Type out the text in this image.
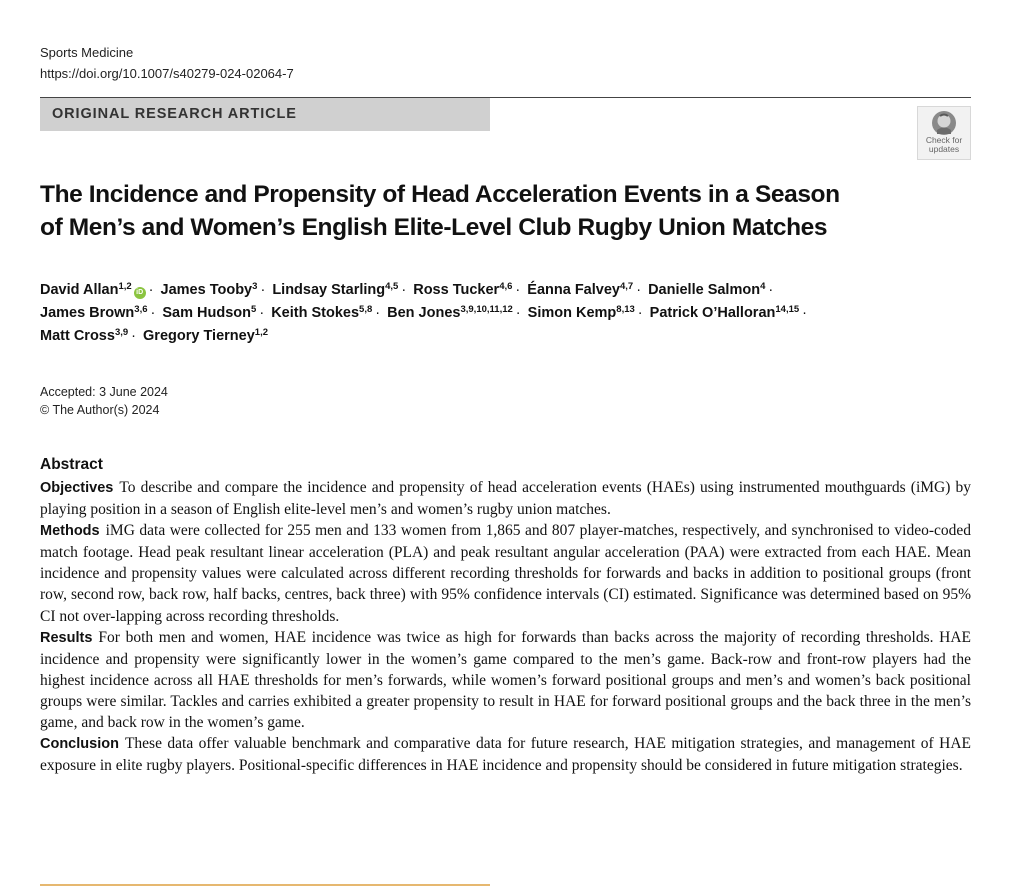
Sports Medicine
https://doi.org/10.1007/s40279-024-02064-7
ORIGINAL RESEARCH ARTICLE
Check for
updates
The Incidence and Propensity of Head Acceleration Events in a Season
of Men’s and Women’s English Elite-Level Club Rugby Union Matches
David Allan$^{1,2}$iD · James Tooby$^3$ · Lindsay Starling$^{4,5}$ · Ross Tucker$^{4,6}$ · Éanna Falvey$^{4,7}$ · Danielle Salmon$^4$ ·
James Brown$^{3,6}$ · Sam Hudson$^5$ · Keith Stokes$^{5,8}$ · Ben Jones$^{3,9,10,11,12}$ · Simon Kemp$^{8,13}$ · Patrick O’Halloran$^{14,15}$ ·
Matt Cross$^{3,9}$ · Gregory Tierney$^{1,2}$
Accepted: 3 June 2024
© The Author(s) 2024
Abstract

Objectives To describe and compare the incidence and propensity of head acceleration events (HAEs) using instrumented mouthguards (iMG) by playing position in a season of English elite-level men’s and women’s rugby union matches.

Methods iMG data were collected for 255 men and 133 women from 1,865 and 807 player-matches, respectively, and synchronised to video-coded match footage. Head peak resultant linear acceleration (PLA) and peak resultant angular acceleration (PAA) were extracted from each HAE. Mean incidence and propensity values were calculated across different recording thresholds for forwards and backs in addition to positional groups (front row, second row, back row, half backs, centres, back three) with 95% confidence intervals (CI) estimated. Significance was determined based on 95% CI not over-lapping across recording thresholds.

Results For both men and women, HAE incidence was twice as high for forwards than backs across the majority of recording thresholds. HAE incidence and propensity were significantly lower in the women’s game compared to the men’s game. Back-row and front-row players had the highest incidence across all HAE thresholds for men’s forwards, while women’s forward positional groups and men’s and women’s back positional groups were similar. Tackles and carries exhibited a greater propensity to result in HAE for forward positional groups and the back three in the men’s game, and back row in the women’s game.

Conclusion These data offer valuable benchmark and comparative data for future research, HAE mitigation strategies, and management of HAE exposure in elite rugby players. Positional-specific differences in HAE incidence and propensity should be considered in future mitigation strategies.
